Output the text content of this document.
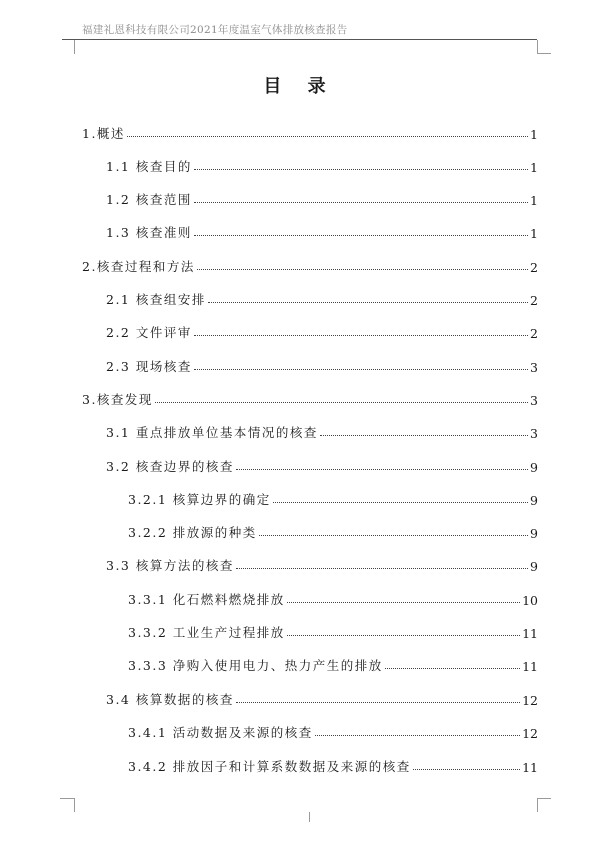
福建礼恩科技有限公司2021年度温室气体排放核查报告
目 录
1.概述	1
1.1 核查目的	1
1.2 核查范围	1
1.3 核查准则	1
2.核查过程和方法	2
2.1 核查组安排	2
2.2 文件评审	2
2.3 现场核查	3
3.核查发现	3
3.1 重点排放单位基本情况的核查	3
3.2 核查边界的核查	9
3.2.1 核算边界的确定	9
3.2.2 排放源的种类	9
3.3 核算方法的核查	9
3.3.1 化石燃料燃烧排放	10
3.3.2 工业生产过程排放	11
3.3.3 净购入使用电力、热力产生的排放	11
3.4 核算数据的核查	12
3.4.1 活动数据及来源的核查	12
3.4.2 排放因子和计算系数数据及来源的核查	11
